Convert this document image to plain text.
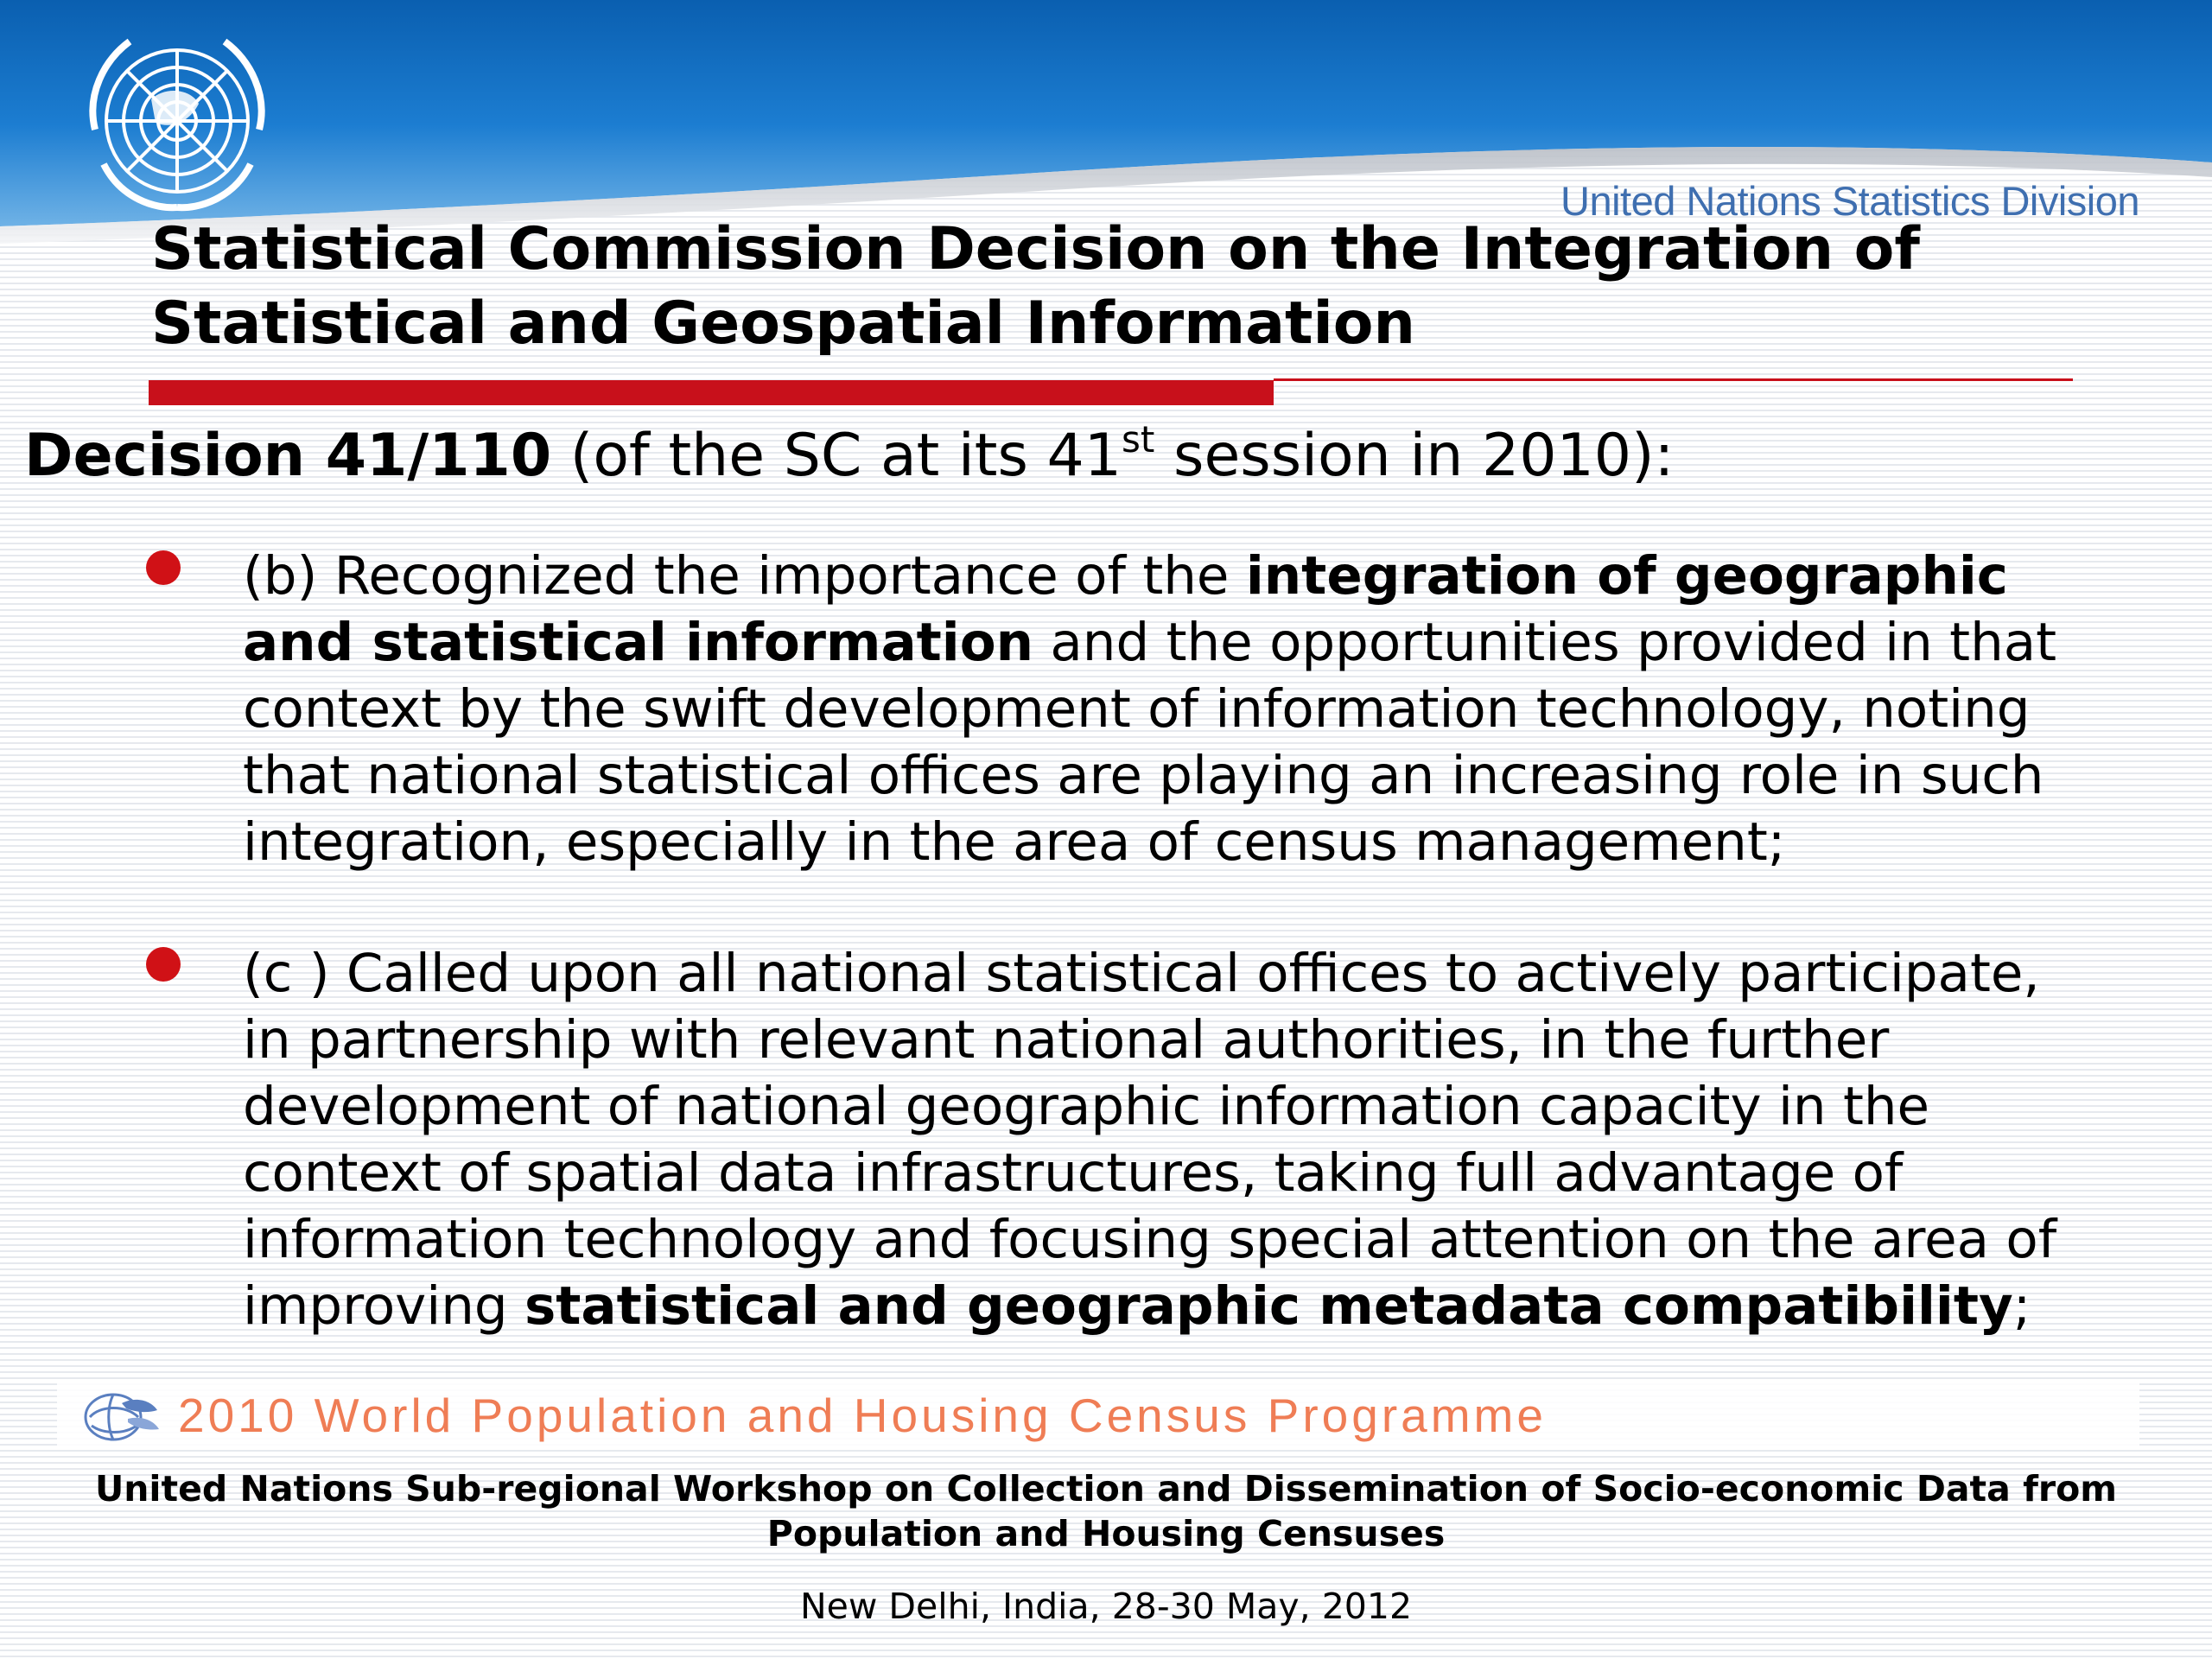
United Nations Statistics Division
Statistical Commission Decision on the Integration of
Statistical and Geospatial Information
Decision 41/110 (of the SC at its 41st session in 2010):
(b) Recognized the importance of the integration of geographic
and statistical information and the opportunities provided in that
context by the swift development of information technology, noting
that national statistical offices are playing an increasing role in such
integration, especially in the area of census management;
(c ) Called upon all national statistical offices to actively participate,
in partnership with relevant national authorities, in the further
development of national geographic information capacity in the
context of spatial data infrastructures, taking full advantage of
information technology and focusing special attention on the area of
improving statistical and geographic metadata compatibility;
2010 World Population and Housing Census Programme
United Nations Sub-regional Workshop on Collection and Dissemination of Socio-economic Data from
Population and Housing Censuses
New Delhi, India, 28-30 May, 2012
